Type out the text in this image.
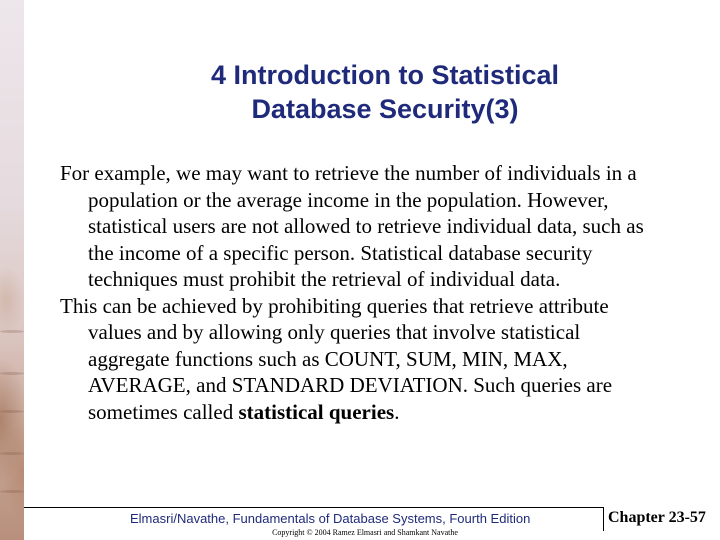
4 Introduction to Statistical
Database Security(3)

For example, we may want to retrieve the number of individuals in a population or the average income in the population. However, statistical users are not allowed to retrieve individual data, such as the income of a specific person. Statistical database security techniques must prohibit the retrieval of individual data.

This can be achieved by prohibiting queries that retrieve attribute values and by allowing only queries that involve statistical aggregate functions such as COUNT, SUM, MIN, MAX, AVERAGE, and STANDARD DEVIATION. Such queries are sometimes called statistical queries.

Elmasri/Navathe, Fundamentals of Database Systems, Fourth Edition	Chapter 23-57
Copyright © 2004 Ramez Elmasri and Shamkant Navathe
